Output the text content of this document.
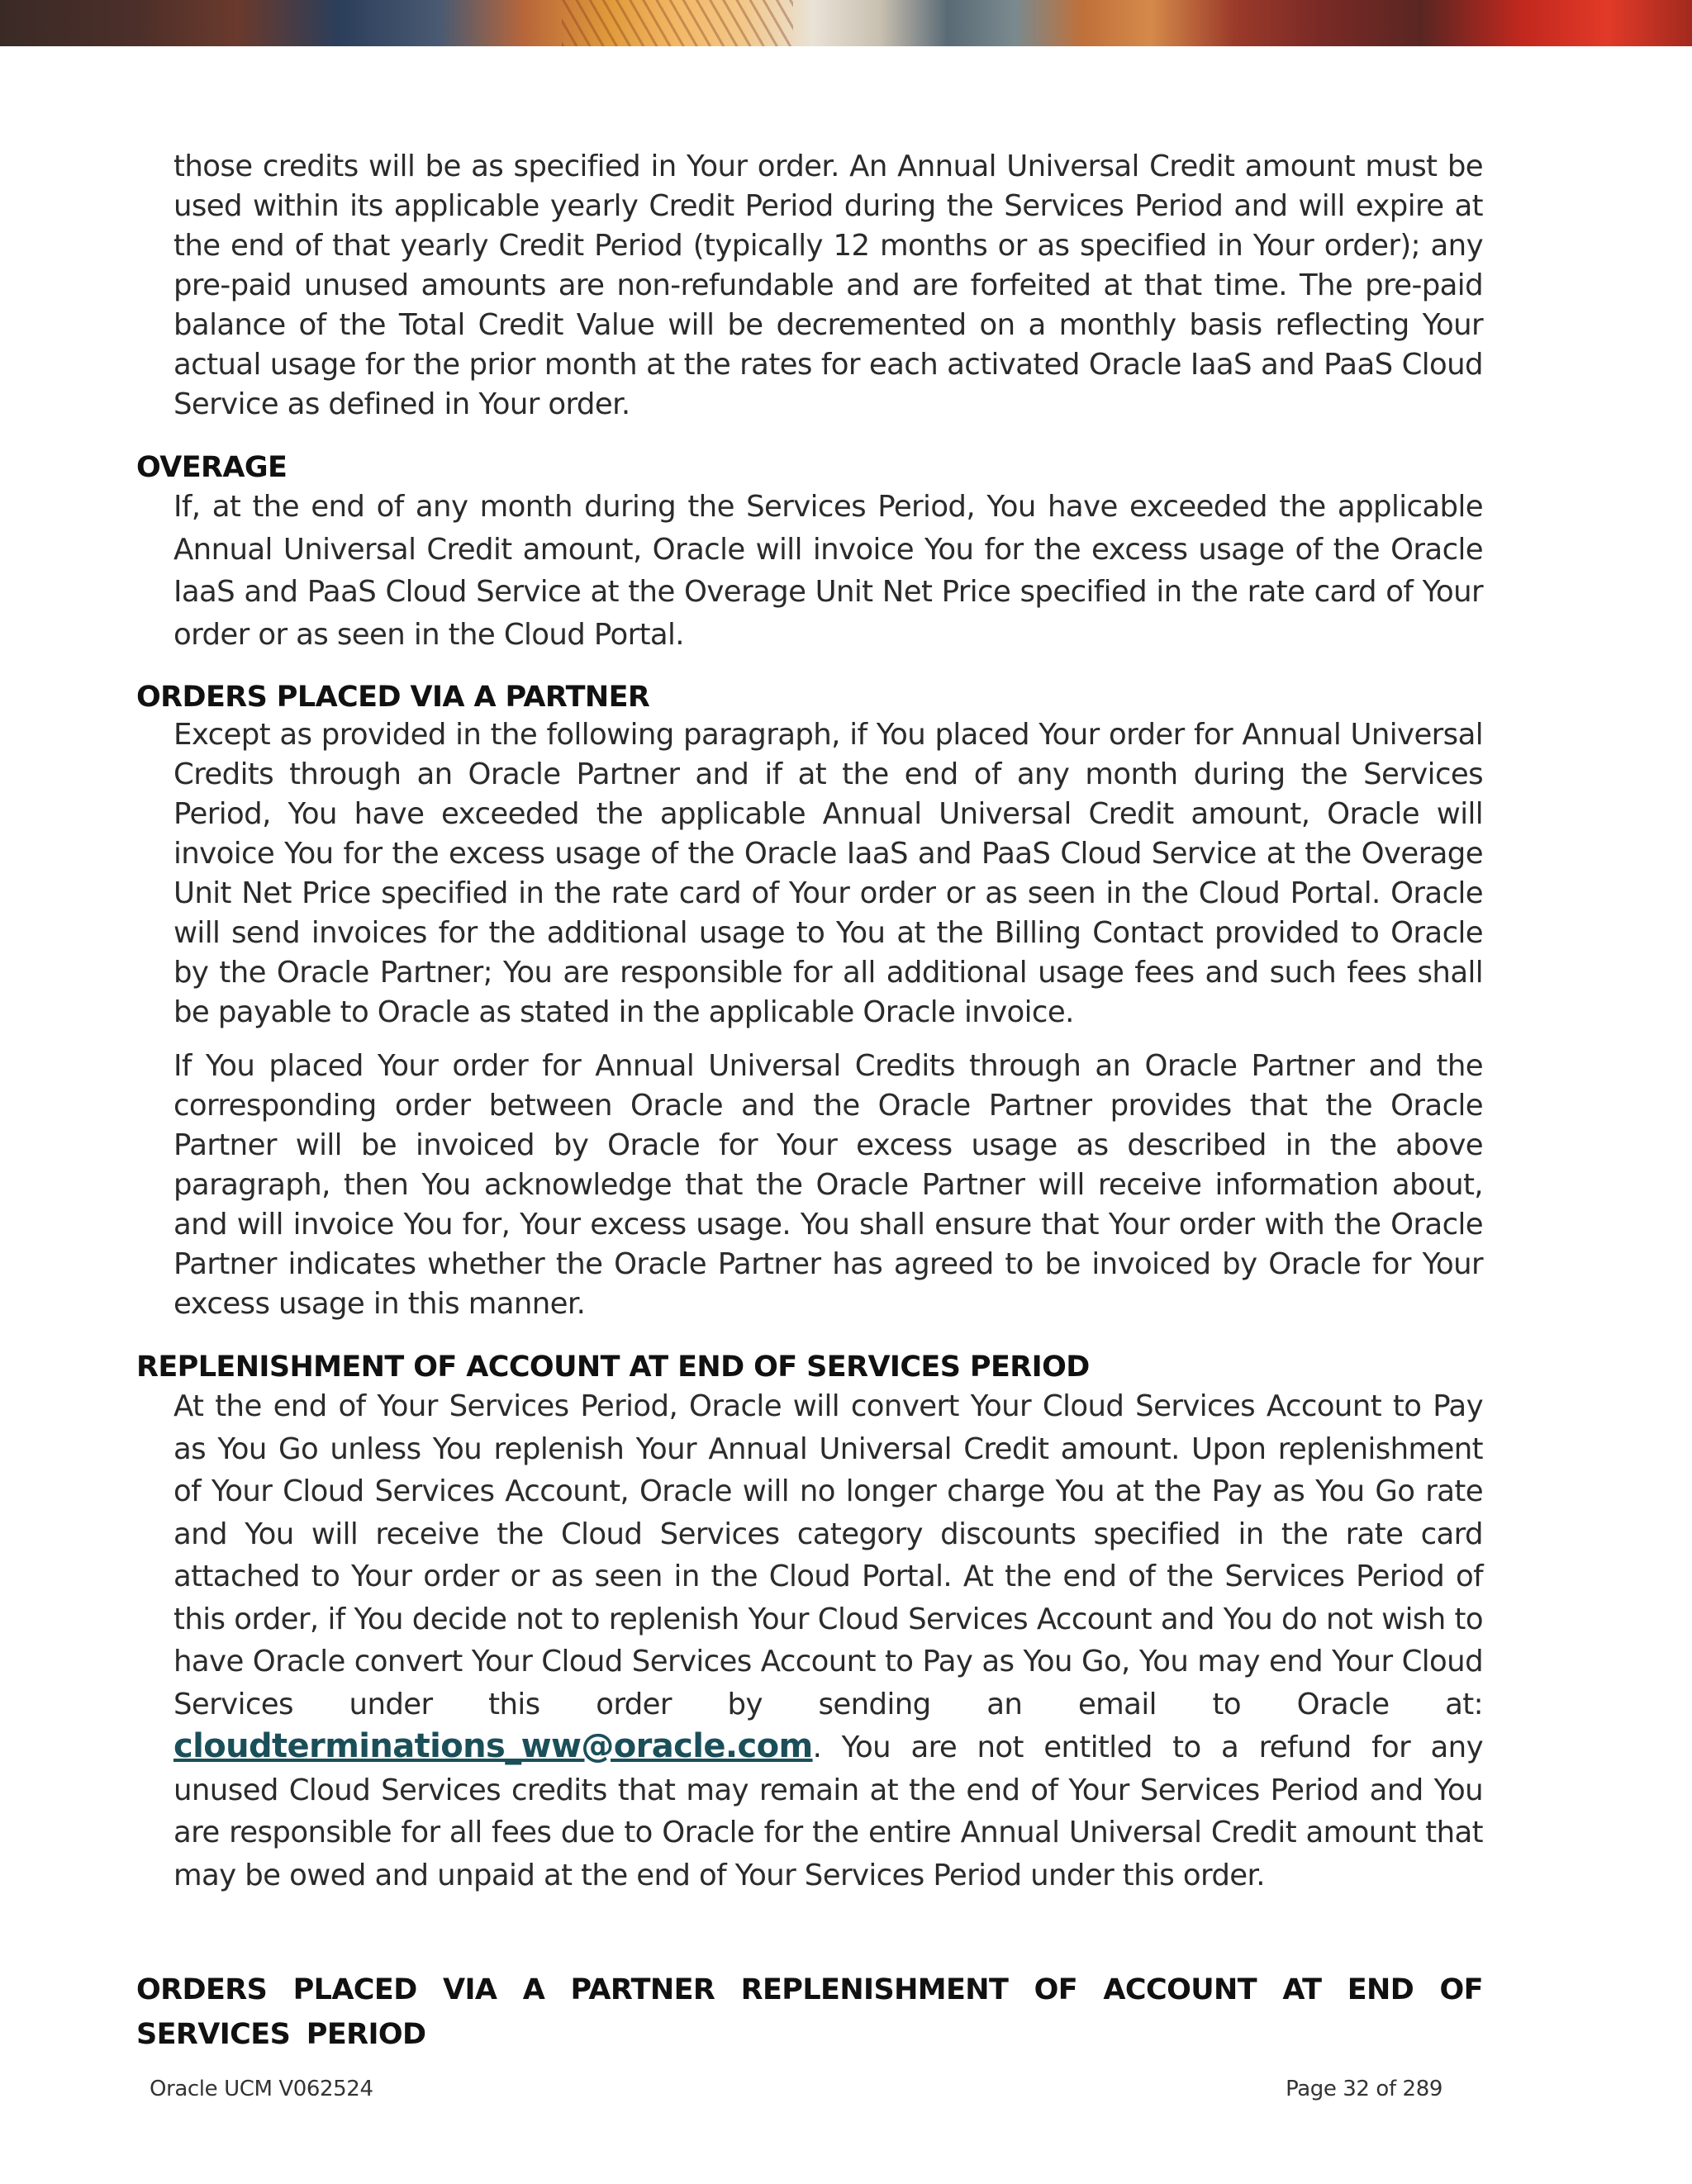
those credits will be as specified in Your order. An Annual Universal Credit amount must be used within its applicable yearly Credit Period during the Services Period and will expire at the end of that yearly Credit Period (typically 12 months or as specified in Your order); any pre-paid unused amounts are non-refundable and are forfeited at that time. The pre-paid balance of the Total Credit Value will be decremented on a monthly basis reflecting Your actual usage for the prior month at the rates for each activated Oracle IaaS and PaaS Cloud Service as defined in Your order.

OVERAGE

If, at the end of any month during the Services Period, You have exceeded the applicable Annual Universal Credit amount, Oracle will invoice You for the excess usage of the Oracle IaaS and PaaS Cloud Service at the Overage Unit Net Price specified in the rate card of Your order or as seen in the Cloud Portal.

ORDERS PLACED VIA A PARTNER

Except as provided in the following paragraph, if You placed Your order for Annual Universal Credits through an Oracle Partner and if at the end of any month during the Services Period, You have exceeded the applicable Annual Universal Credit amount, Oracle will invoice You for the excess usage of the Oracle IaaS and PaaS Cloud Service at the Overage Unit Net Price specified in the rate card of Your order or as seen in the Cloud Portal. Oracle will send invoices for the additional usage to You at the Billing Contact provided to Oracle by the Oracle Partner; You are responsible for all additional usage fees and such fees shall be payable to Oracle as stated in the applicable Oracle invoice.

If You placed Your order for Annual Universal Credits through an Oracle Partner and the corresponding order between Oracle and the Oracle Partner provides that the Oracle Partner will be invoiced by Oracle for Your excess usage as described in the above paragraph, then You acknowledge that the Oracle Partner will receive information about, and will invoice You for, Your excess usage. You shall ensure that Your order with the Oracle Partner indicates whether the Oracle Partner has agreed to be invoiced by Oracle for Your excess usage in this manner.

REPLENISHMENT OF ACCOUNT AT END OF SERVICES PERIOD

At the end of Your Services Period, Oracle will convert Your Cloud Services Account to Pay as You Go unless You replenish Your Annual Universal Credit amount. Upon replenishment of Your Cloud Services Account, Oracle will no longer charge You at the Pay as You Go rate and You will receive the Cloud Services category discounts specified in the rate card attached to Your order or as seen in the Cloud Portal. At the end of the Services Period of this order, if You decide not to replenish Your Cloud Services Account and You do not wish to have Oracle convert Your Cloud Services Account to Pay as You Go, You may end Your Cloud Services under this order by sending an email to Oracle at: cloudterminations_ww@oracle.com. You are not entitled to a refund for any unused Cloud Services credits that may remain at the end of Your Services Period and You are responsible for all fees due to Oracle for the entire Annual Universal Credit amount that may be owed and unpaid at the end of Your Services Period under this order.

ORDERS PLACED VIA A PARTNER REPLENISHMENT OF ACCOUNT AT END OF SERVICES PERIOD
Oracle UCM V062524	Page 32 of 289
